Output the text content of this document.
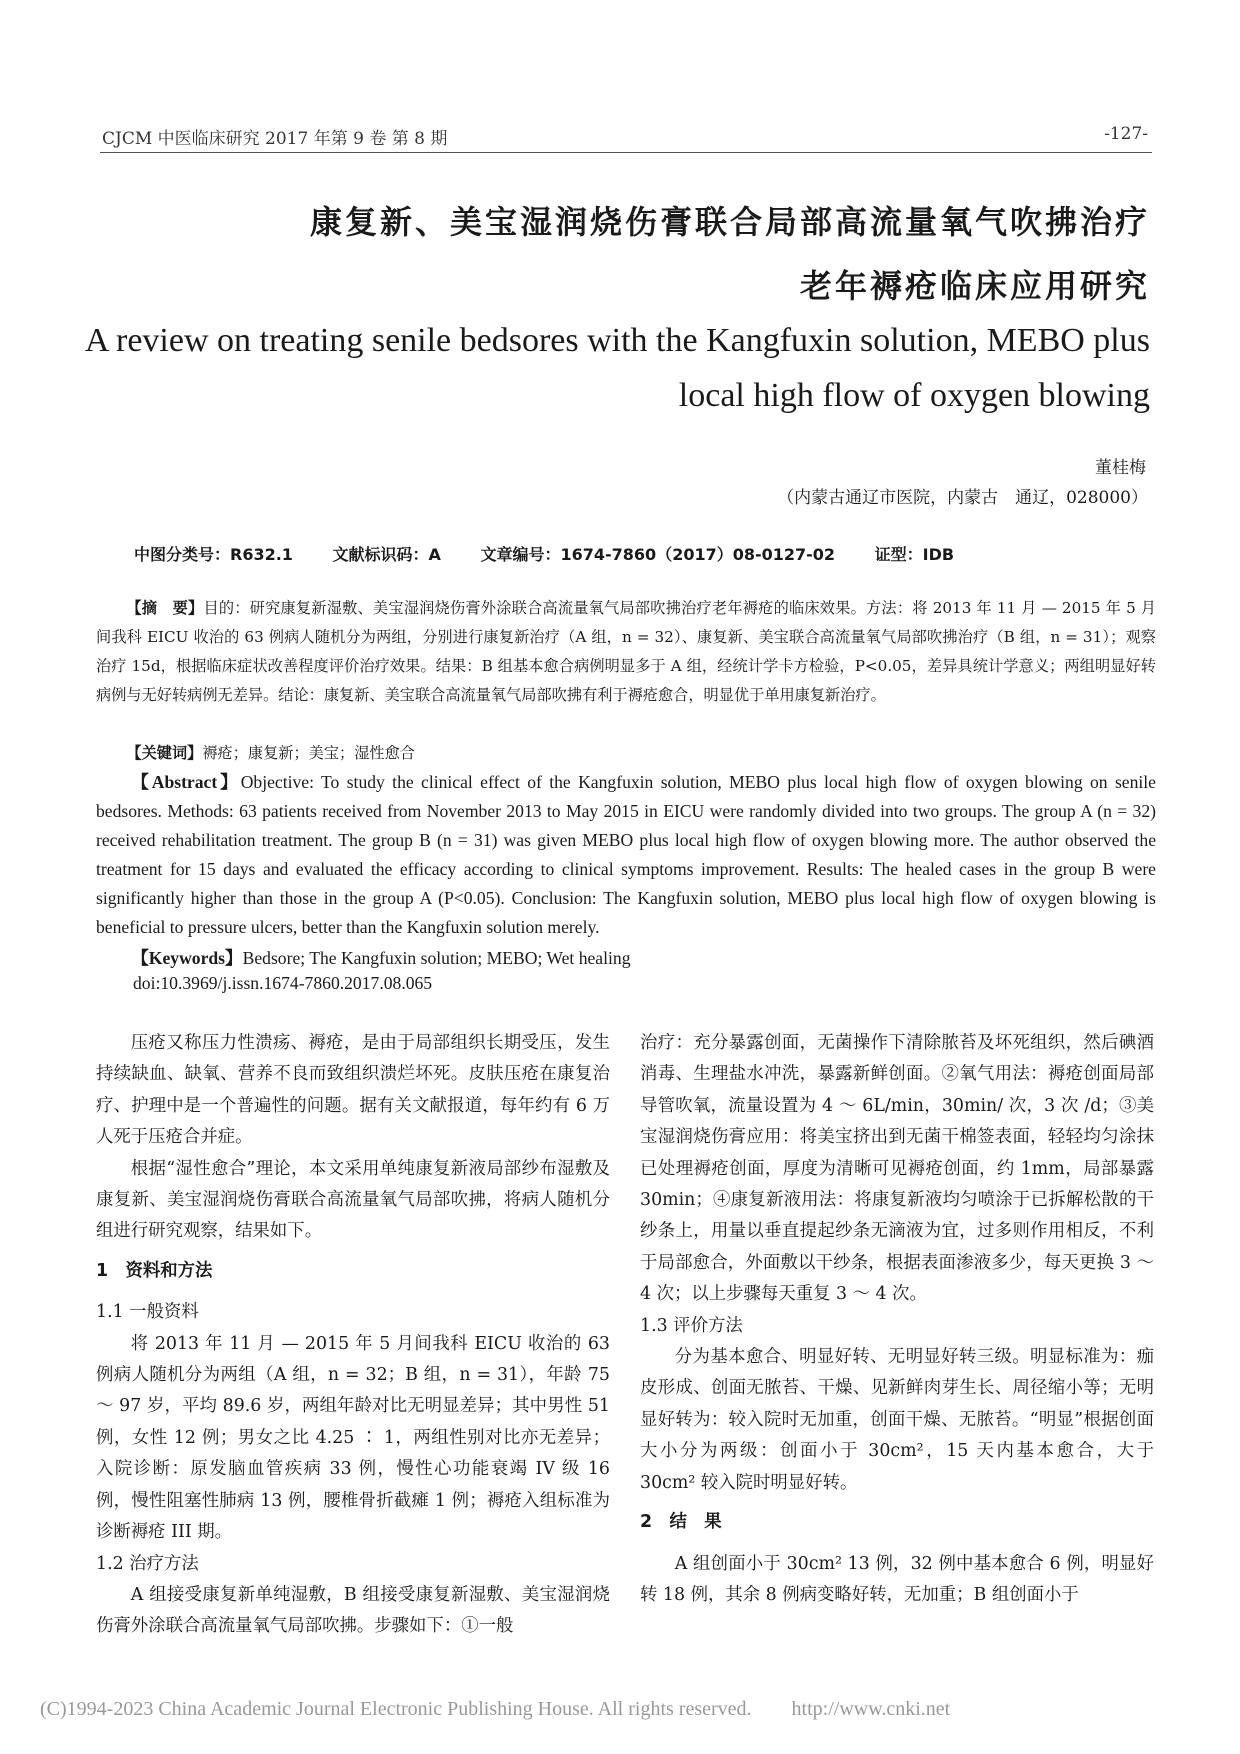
CJCM 中医临床研究 2017 年第 9 卷 第 8 期	-127-
康复新、美宝湿润烧伤膏联合局部高流量氧气吹拂治疗
老年褥疮临床应用研究
A review on treating senile bedsores with the Kangfuxin solution, MEBO plus
local high flow of oxygen blowing
董桂梅
（内蒙古通辽市医院，内蒙古　通辽，028000）
中图分类号：R632.1 文献标识码：A 文章编号：1674-7860（2017）08-0127-02 证型：IDB
【摘　要】目的：研究康复新湿敷、美宝湿润烧伤膏外涂联合高流量氧气局部吹拂治疗老年褥疮的临床效果。方法：将 2013 年 11 月 — 2015 年 5 月间我科 EICU 收治的 63 例病人随机分为两组，分别进行康复新治疗（A 组，n = 32）、康复新、美宝联合高流量氧气局部吹拂治疗（B 组，n = 31）；观察治疗 15d，根据临床症状改善程度评价治疗效果。结果：B 组基本愈合病例明显多于 A 组，经统计学卡方检验，P<0.05，差异具统计学意义；两组明显好转病例与无好转病例无差异。结论：康复新、美宝联合高流量氧气局部吹拂有利于褥疮愈合，明显优于单用康复新治疗。
【关键词】褥疮；康复新；美宝；湿性愈合
【Abstract】Objective: To study the clinical effect of the Kangfuxin solution, MEBO plus local high flow of oxygen blowing on senile bedsores. Methods: 63 patients received from November 2013 to May 2015 in EICU were randomly divided into two groups. The group A (n = 32) received rehabilitation treatment. The group B (n = 31) was given MEBO plus local high flow of oxygen blowing more. The author observed the treatment for 15 days and evaluated the efficacy according to clinical symptoms improvement. Results: The healed cases in the group B were significantly higher than those in the group A (P<0.05). Conclusion: The Kangfuxin solution, MEBO plus local high flow of oxygen blowing is beneficial to pressure ulcers, better than the Kangfuxin solution merely.
【Keywords】Bedsore; The Kangfuxin solution; MEBO; Wet healing
doi:10.3969/j.issn.1674-7860.2017.08.065

压疮又称压力性溃疡、褥疮，是由于局部组织长期受压，发生持续缺血、缺氧、营养不良而致组织溃烂坏死。皮肤压疮在康复治疗、护理中是一个普遍性的问题。据有关文献报道，每年约有 6 万人死于压疮合并症。

根据“湿性愈合”理论，本文采用单纯康复新液局部纱布湿敷及康复新、美宝湿润烧伤膏联合高流量氧气局部吹拂，将病人随机分组进行研究观察，结果如下。

1　资料和方法

1.1 一般资料

将 2013 年 11 月 — 2015 年 5 月间我科 EICU 收治的 63 例病人随机分为两组（A 组，n = 32；B 组，n = 31），年龄 75 ～ 97 岁，平均 89.6 岁，两组年龄对比无明显差异；其中男性 51 例，女性 12 例；男女之比 4.25 ∶ 1，两组性别对比亦无差异；入院诊断：原发脑血管疾病 33 例，慢性心功能衰竭 IV 级 16 例，慢性阻塞性肺病 13 例，腰椎骨折截瘫 1 例；褥疮入组标准为诊断褥疮 III 期。

1.2 治疗方法

A 组接受康复新单纯湿敷，B 组接受康复新湿敷、美宝湿润烧伤膏外涂联合高流量氧气局部吹拂。步骤如下：①一般

治疗：充分暴露创面，无菌操作下清除脓苔及坏死组织，然后碘酒消毒、生理盐水冲洗，暴露新鲜创面。②氧气用法：褥疮创面局部导管吹氧，流量设置为 4 ～ 6L/min，30min/ 次，3 次 /d；③美宝湿润烧伤膏应用：将美宝挤出到无菌干棉签表面，轻轻均匀涂抹已处理褥疮创面，厚度为清晰可见褥疮创面，约 1mm，局部暴露 30min；④康复新液用法：将康复新液均匀喷涂于已拆解松散的干纱条上，用量以垂直提起纱条无滴液为宜，过多则作用相反，不利于局部愈合，外面敷以干纱条，根据表面渗液多少，每天更换 3 ～ 4 次；以上步骤每天重复 3 ～ 4 次。

1.3 评价方法

分为基本愈合、明显好转、无明显好转三级。明显标准为：痂皮形成、创面无脓苔、干燥、见新鲜肉芽生长、周径缩小等；无明显好转为：较入院时无加重，创面干燥、无脓苔。“明显”根据创面大小分为两级：创面小于 30cm²，15 天内基本愈合，大于 30cm² 较入院时明显好转。

2　结　果

A 组创面小于 30cm² 13 例，32 例中基本愈合 6 例，明显好转 18 例，其余 8 例病变略好转，无加重；B 组创面小于

(C)1994-2023 China Academic Journal Electronic Publishing House. All rights reserved.　　http://www.cnki.net
